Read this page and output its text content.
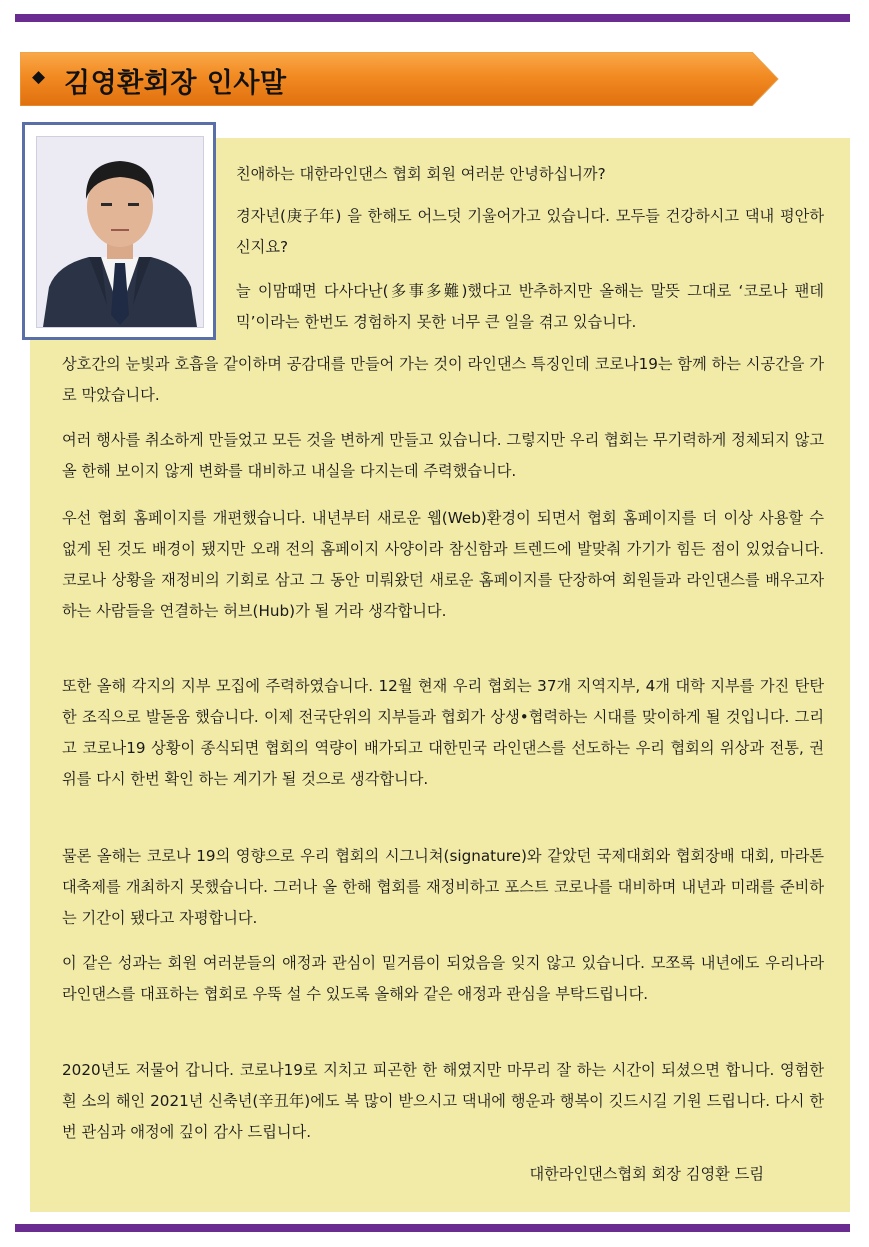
◆ 김영환회장 인사말

친애하는 대한라인댄스 협회 회원 여러분 안녕하십니까?

경자년(庚子年) 을 한해도 어느덧 기울어가고 있습니다. 모두들 건강하시고 댁내 평안하신지요?

늘 이맘때면 다사다난(多事多難)했다고 반추하지만 올해는 말뜻 그대로 ‘코로나 팬데믹’이라는 한번도 경험하지 못한 너무 큰 일을 겪고 있습니다.

상호간의 눈빛과 호흡을 같이하며 공감대를 만들어 가는 것이 라인댄스 특징인데 코로나19는 함께 하는 시공간을 가로 막았습니다.

여러 행사를 취소하게 만들었고 모든 것을 변하게 만들고 있습니다. 그렇지만 우리 협회는 무기력하게 정체되지 않고 올 한해 보이지 않게 변화를 대비하고 내실을 다지는데 주력했습니다.

우선 협회 홈페이지를 개편했습니다. 내년부터 새로운 웹(Web)환경이 되면서 협회 홈페이지를 더 이상 사용할 수 없게 된 것도 배경이 됐지만 오래 전의 홈페이지 사양이라 참신함과 트렌드에 발맞춰 가기가 힘든 점이 있었습니다. 코로나 상황을 재정비의 기회로 삼고 그 동안 미뤄왔던 새로운 홈페이지를 단장하여 회원들과 라인댄스를 배우고자 하는 사람들을 연결하는 허브(Hub)가 될 거라 생각합니다.

또한 올해 각지의 지부 모집에 주력하였습니다. 12월 현재 우리 협회는 37개 지역지부, 4개 대학 지부를 가진 탄탄한 조직으로 발돋움 했습니다. 이제 전국단위의 지부들과 협회가 상생•협력하는 시대를 맞이하게 될 것입니다. 그리고 코로나19 상황이 종식되면 협회의 역량이 배가되고 대한민국 라인댄스를 선도하는 우리 협회의 위상과 전통, 권위를 다시 한번 확인 하는 계기가 될 것으로 생각합니다.

물론 올해는 코로나 19의 영향으로 우리 협회의 시그니쳐(signature)와 같았던 국제대회와 협회장배 대회, 마라톤 대축제를 개최하지 못했습니다. 그러나 올 한해 협회를 재정비하고 포스트 코로나를 대비하며 내년과 미래를 준비하는 기간이 됐다고 자평합니다.

이 같은 성과는 회원 여러분들의 애정과 관심이 밑거름이 되었음을 잊지 않고 있습니다. 모쪼록 내년에도 우리나라 라인댄스를 대표하는 협회로 우뚝 설 수 있도록 올해와 같은 애정과 관심을 부탁드립니다.

2020년도 저물어 갑니다. 코로나19로 지치고 피곤한 한 해였지만 마무리 잘 하는 시간이 되셨으면 합니다. 영험한 흰 소의 해인 2021년 신축년(辛丑年)에도 복 많이 받으시고 댁내에 행운과 행복이 깃드시길 기원 드립니다. 다시 한번 관심과 애정에 깊이 감사 드립니다.

대한라인댄스협회 회장 김영환 드림
